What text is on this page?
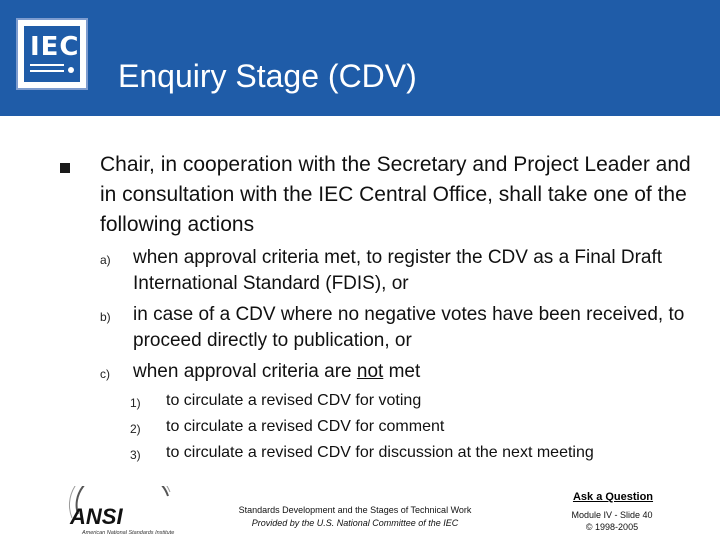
IEC
Enquiry Stage (CDV)
Chair, in cooperation with the Secretary and Project Leader and in consultation with the IEC Central Office, shall take one of the following actions
a) when approval criteria met, to register the CDV as a Final Draft International Standard (FDIS), or
b) in case of a CDV where no negative votes have been received, to proceed directly to publication, or
c) when approval criteria are not met
1) to circulate a revised CDV for voting
2) to circulate a revised CDV for comment
3) to circulate a revised CDV for discussion at the next meeting
ANSI
American National Standards Institute
Standards Development and the Stages of Technical Work
Provided by the U.S. National Committee of the IEC
Ask a Question
Module IV - Slide 40
© 1998-2005
